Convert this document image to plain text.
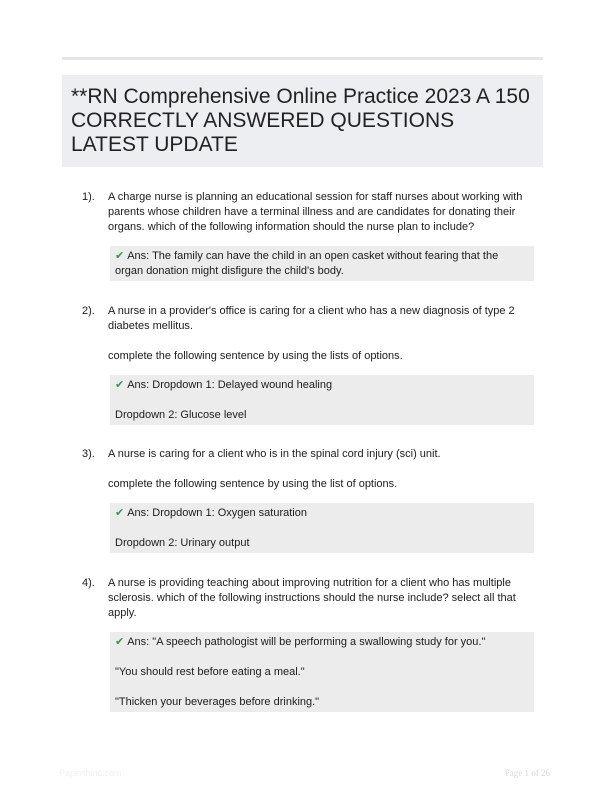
**RN Comprehensive Online Practice 2023 A 150 CORRECTLY ANSWERED QUESTIONS LATEST UPDATE
1). A charge nurse is planning an educational session for staff nurses about working with parents whose children have a terminal illness and are candidates for donating their organs. which of the following information should the nurse plan to include?

✔ Ans: The family can have the child in an open casket without fearing that the organ donation might disfigure the child's body.

2). A nurse in a provider's office is caring for a client who has a new diagnosis of type 2 diabetes mellitus.

complete the following sentence by using the lists of options.

✔ Ans: Dropdown 1: Delayed wound healing

Dropdown 2: Glucose level

3). A nurse is caring for a client who is in the spinal cord injury (sci) unit.

complete the following sentence by using the list of options.

✔ Ans: Dropdown 1: Oxygen saturation

Dropdown 2: Urinary output

4). A nurse is providing teaching about improving nutrition for a client who has multiple sclerosis. which of the following instructions should the nurse include? select all that apply.

✔ Ans: "A speech pathologist will be performing a swallowing study for you."

"You should rest before eating a meal."

"Thicken your beverages before drinking."

Paperthinc.com	Page 1 of 26
